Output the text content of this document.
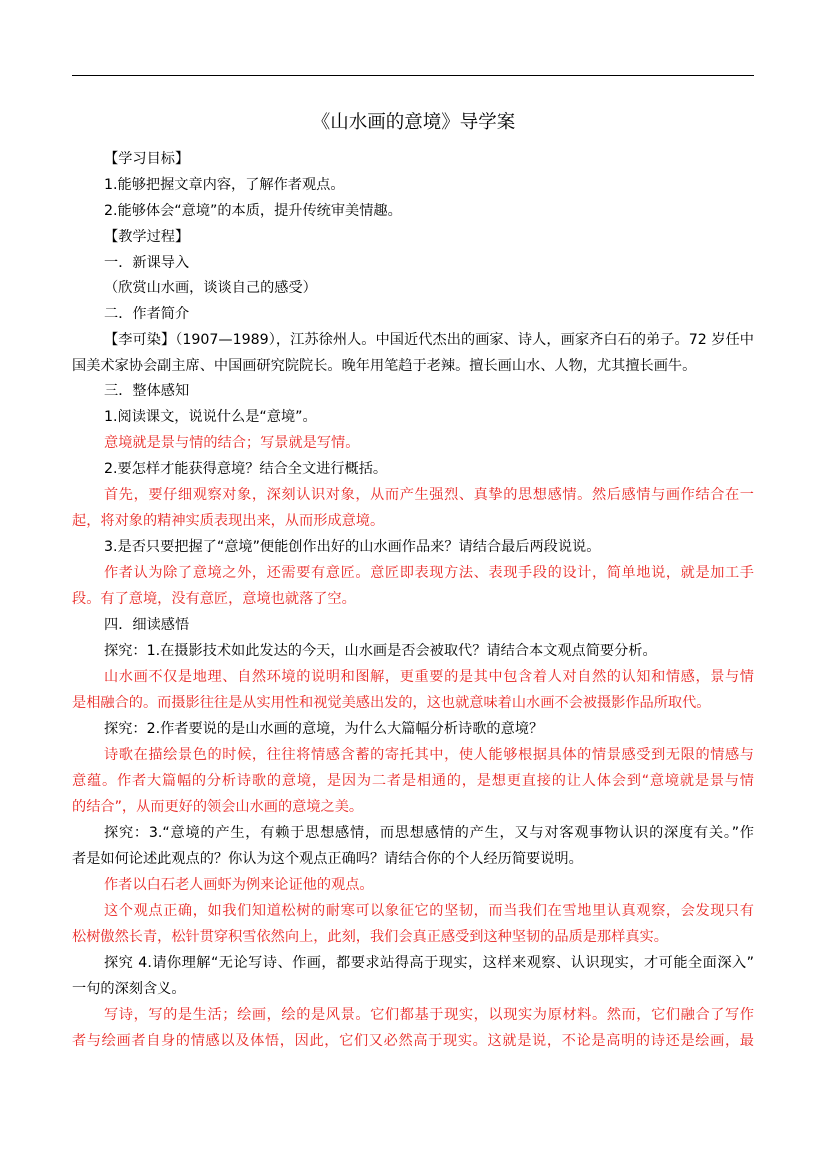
《山水画的意境》导学案
【学习目标】
1.能够把握文章内容，了解作者观点。
2.能够体会“意境”的本质，提升传统审美情趣。
【教学过程】
一．新课导入
（欣赏山水画，谈谈自己的感受）
二．作者简介
【李可染】（1907—1989），江苏徐州人。中国近代杰出的画家、诗人，画家齐白石的弟子。72 岁任中
国美术家协会副主席、中国画研究院院长。晚年用笔趋于老辣。擅长画山水、人物，尤其擅长画牛。
三．整体感知
1.阅读课文，说说什么是“意境”。
意境就是景与情的结合；写景就是写情。
2.要怎样才能获得意境？结合全文进行概括。
首先，要仔细观察对象，深刻认识对象，从而产生强烈、真挚的思想感情。然后感情与画作结合在一
起，将对象的精神实质表现出来，从而形成意境。
3.是否只要把握了“意境”便能创作出好的山水画作品来？请结合最后两段说说。
作者认为除了意境之外，还需要有意匠。意匠即表现方法、表现手段的设计，简单地说，就是加工手
段。有了意境，没有意匠，意境也就落了空。
四．细读感悟
探究：1.在摄影技术如此发达的今天，山水画是否会被取代？请结合本文观点简要分析。
山水画不仅是地理、自然环境的说明和图解，更重要的是其中包含着人对自然的认知和情感，景与情
是相融合的。而摄影往往是从实用性和视觉美感出发的，这也就意味着山水画不会被摄影作品所取代。
探究：2.作者要说的是山水画的意境，为什么大篇幅分析诗歌的意境？
诗歌在描绘景色的时候，往往将情感含蓄的寄托其中，使人能够根据具体的情景感受到无限的情感与
意蕴。作者大篇幅的分析诗歌的意境，是因为二者是相通的，是想更直接的让人体会到“意境就是景与情
的结合”，从而更好的领会山水画的意境之美。
探究：3.“意境的产生，有赖于思想感情，而思想感情的产生，又与对客观事物认识的深度有关。”作
者是如何论述此观点的？你认为这个观点正确吗？请结合你的个人经历简要说明。
作者以白石老人画虾为例来论证他的观点。
这个观点正确，如我们知道松树的耐寒可以象征它的坚韧，而当我们在雪地里认真观察，会发现只有
松树傲然长青，松针贯穿积雪依然向上，此刻，我们会真正感受到这种坚韧的品质是那样真实。
探究 4.请你理解“无论写诗、作画，都要求站得高于现实，这样来观察、认识现实，才可能全面深入”
一句的深刻含义。
写诗，写的是生活；绘画，绘的是风景。它们都基于现实，以现实为原材料。然而，它们融合了写作
者与绘画者自身的情感以及体悟，因此，它们又必然高于现实。这就是说，不论是高明的诗还是绘画，最
